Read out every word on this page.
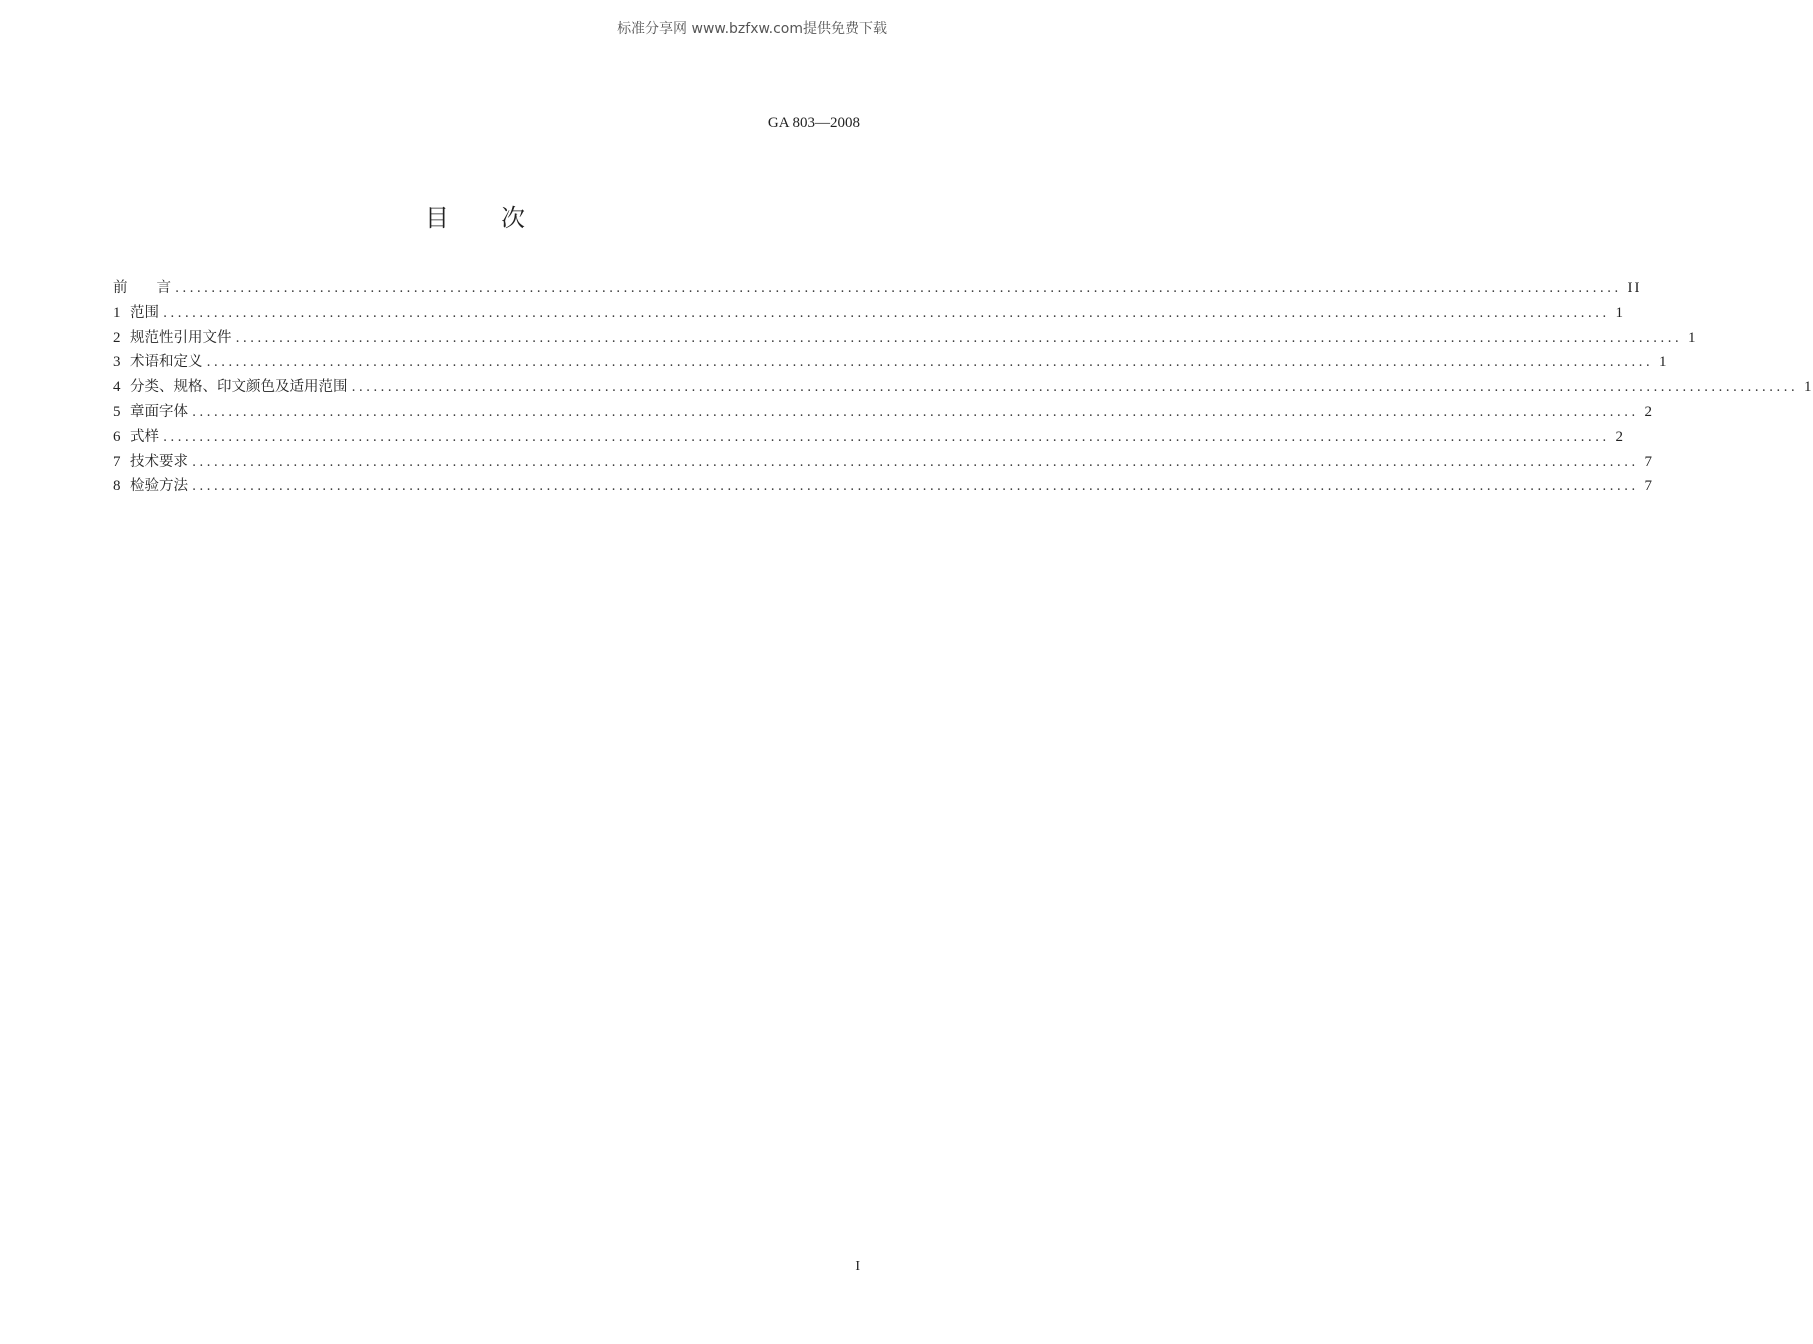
标准分享网 www.bzfxw.com提供免费下载
GA 803—2008
目 次
前　　言 ........................................................................................................................................................................................................ II
1 范围 ........................................................................................................................................................................................................ 1
2 规范性引用文件 ........................................................................................................................................................................................................ 1
3 术语和定义 ........................................................................................................................................................................................................ 1
4 分类、规格、印文颜色及适用范围 ........................................................................................................................................................................................................ 1
5 章面字体 ........................................................................................................................................................................................................ 2
6 式样 ........................................................................................................................................................................................................ 2
7 技术要求 ........................................................................................................................................................................................................ 7
8 检验方法 ........................................................................................................................................................................................................ 7
I
